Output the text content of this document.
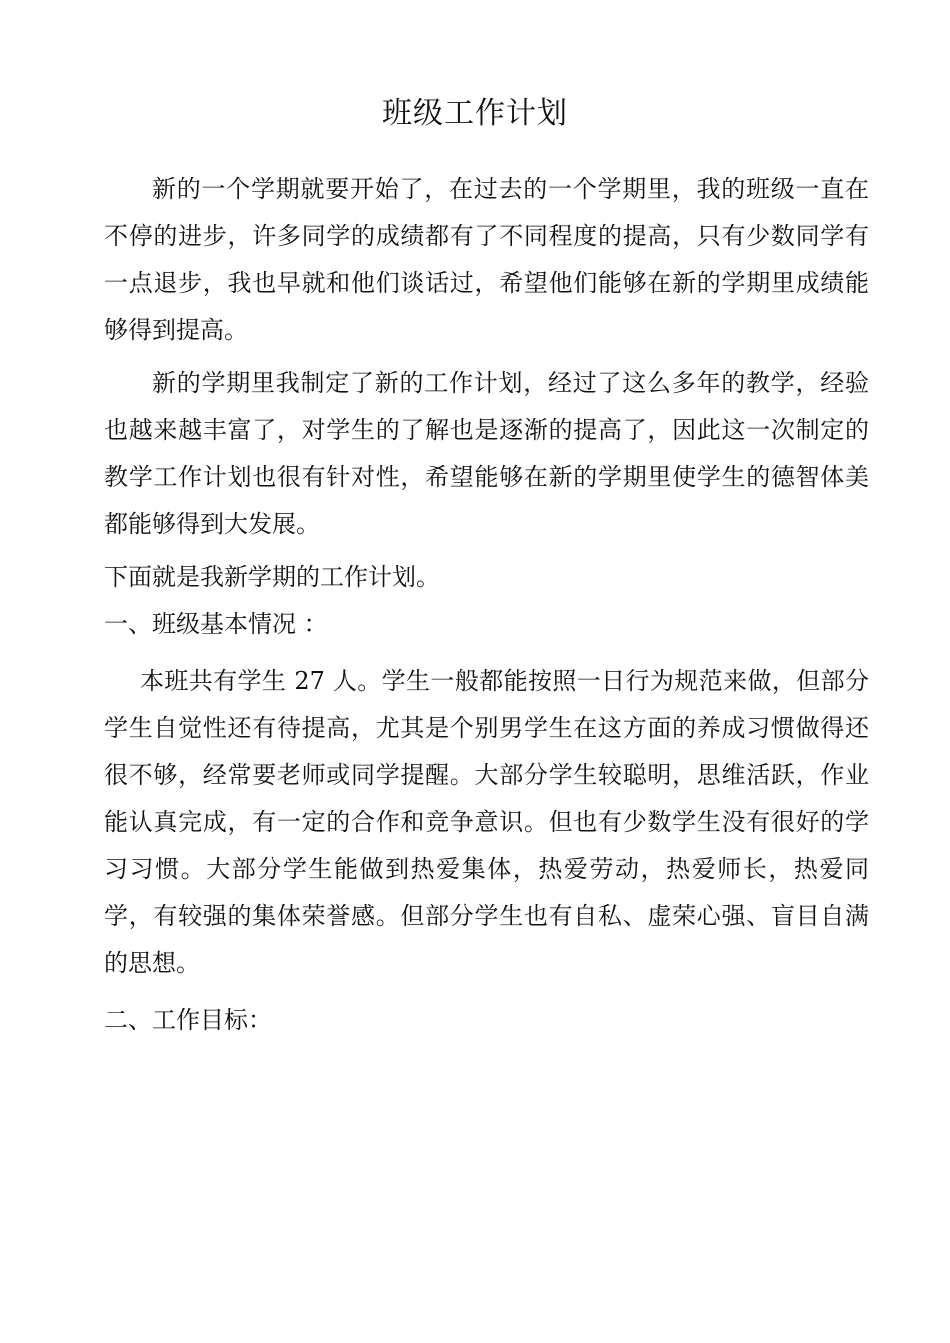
班级工作计划

新的一个学期就要开始了，在过去的一个学期里，我的班级一直在不停的进步，许多同学的成绩都有了不同程度的提高，只有少数同学有一点退步，我也早就和他们谈话过，希望他们能够在新的学期里成绩能够得到提高。

新的学期里我制定了新的工作计划，经过了这么多年的教学，经验也越来越丰富了，对学生的了解也是逐渐的提高了，因此这一次制定的教学工作计划也很有针对性，希望能够在新的学期里使学生的德智体美都能够得到大发展。

下面就是我新学期的工作计划。

一、班级基本情况 ：

本班共有学生 27 人。学生一般都能按照一日行为规范来做，但部分学生自觉性还有待提高，尤其是个别男学生在这方面的养成习惯做得还很不够，经常要老师或同学提醒。大部分学生较聪明，思维活跃，作业能认真完成，有一定的合作和竞争意识。但也有少数学生没有很好的学习习惯。大部分学生能做到热爱集体，热爱劳动，热爱师长，热爱同学，有较强的集体荣誉感。但部分学生也有自私、虚荣心强、盲目自满的思想。

二、工作目标：
